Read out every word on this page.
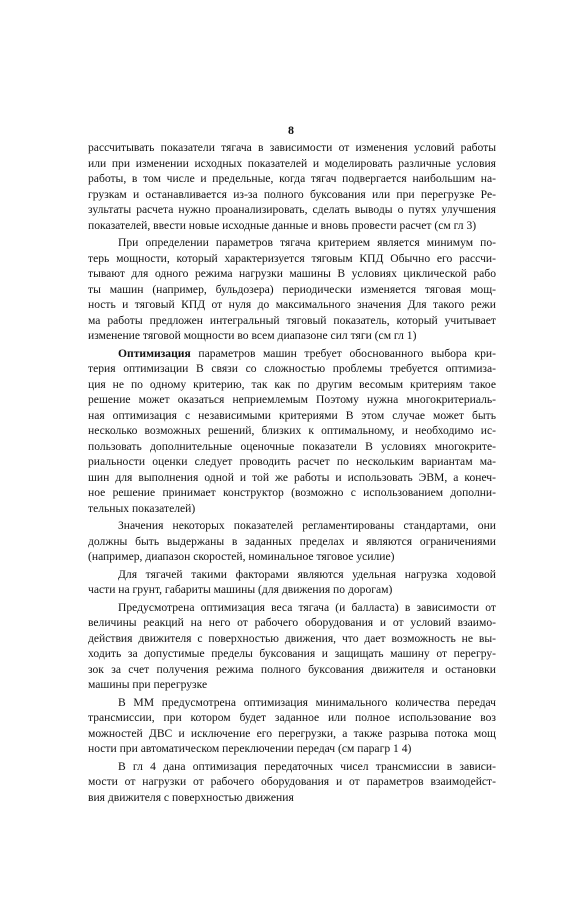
8
рассчитывать показатели тягача в зависимости от изменения условий работы
или при изменении исходных показателей и моделировать различные условия
работы, в том числе и предельные, когда тягач подвергается наибольшим на-
грузкам и останавливается из-за полного буксования или при перегрузке Ре-
зультаты расчета нужно проанализировать, сделать выводы о путях улучшения
показателей, ввести новые исходные данные и вновь провести расчет (см гл 3)
При определении параметров тягача критерием является минимум по-
терь мощности, который характеризуется тяговым КПД Обычно его рассчи-
тывают для одного режима нагрузки машины В условиях циклической рабо
ты машин (например, бульдозера) периодически изменяется тяговая мощ-
ность и тяговый КПД от нуля до максимального значения Для такого режи
ма работы предложен интегральный тяговый показатель, который учитывает
изменение тяговой мощности во всем диапазоне сил тяги (см гл 1)
Оптимизация параметров машин требует обоснованного выбора кри-
терия оптимизации В связи со сложностью проблемы требуется оптимиза-
ция не по одному критерию, так как по другим весомым критериям такое
решение может оказаться неприемлемым Поэтому нужна многокритериаль-
ная оптимизация с независимыми критериями В этом случае может быть
несколько возможных решений, близких к оптимальному, и необходимо ис-
пользовать дополнительные оценочные показатели В условиях многокрите-
риальности оценки следует проводить расчет по нескольким вариантам ма-
шин для выполнения одной и той же работы и использовать ЭВМ, а конеч-
ное решение принимает конструктор (возможно с использованием дополни-
тельных показателей)
Значения некоторых показателей регламентированы стандартами, они
должны быть выдержаны в заданных пределах и являются ограничениями
(например, диапазон скоростей, номинальное тяговое усилие)
Для тягачей такими факторами являются удельная нагрузка ходовой
части на грунт, габариты машины (для движения по дорогам)
Предусмотрена оптимизация веса тягача (и балласта) в зависимости от
величины реакций на него от рабочего оборудования и от условий взаимо-
действия движителя с поверхностью движения, что дает возможность не вы-
ходить за допустимые пределы буксования и защищать машину от перегру-
зок за счет получения режима полного буксования движителя и остановки
машины при перегрузке
В ММ предусмотрена оптимизация минимального количества передач
трансмиссии, при котором будет заданное или полное использование воз
можностей ДВС и исключение его перегрузки, а также разрыва потока мощ
ности при автоматическом переключении передач (см парагр 1 4)
В гл 4 дана оптимизация передаточных чисел трансмиссии в зависи-
мости от нагрузки от рабочего оборудования и от параметров взаимодейст-
вия движителя с поверхностью движения
